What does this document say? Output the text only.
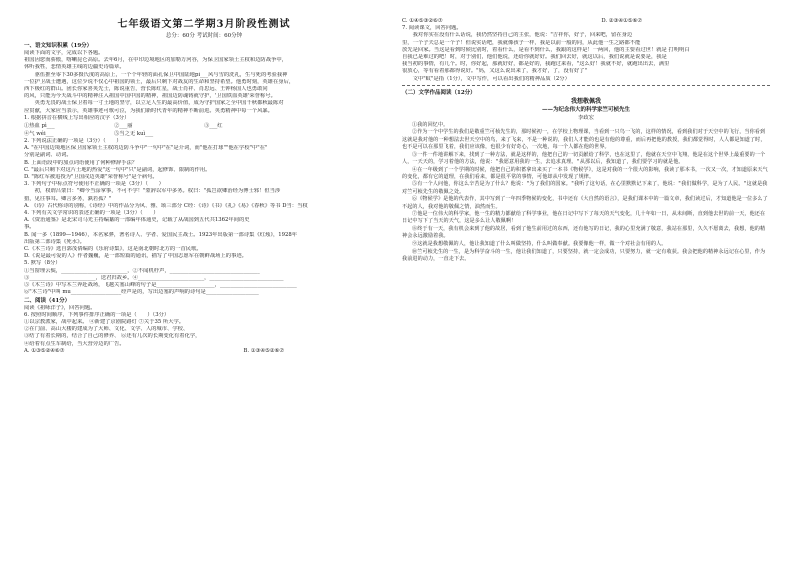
七年级语文第二学期3月阶段性测试
总分：60分 考试时间：60分钟
一、语文知识积累（19分）
阅读下面的文字，完成以下各题。
祖国因您而骄傲，喀喇昆仑高原。去年6月，在中印边境地区的加勒万河谷，为保卫国家领土主权和边防战争中，
休听我牲，悲情英雄主线的边疆史诗篇章。
　　驱伍推至零下30多摄氏度的高原上，一个个年轻的面孔保卫中国陆地pí___风与雪的洗礼，生与死的考验我神
一位护卫战士遭遇，这位少说不仅心中祖国的领土，最后只剩下对战友的生命和坚持希望。他勇时刻，英雄在身后，
西下极红的群山。团长你家喜英先士，陈说重告，营长陈红星，战士肖祥、肖思远、王钟杨国人也勇敢同
的风，只能为今天战斗中的精神注入祖国中国中国的精神，祖国边防魂铸就守护，'卫国铁血英雄'荣誉称号。
　　英勇无畏的战士保卫着每一寸土地的坚守，以立足人生的最高价值，成为守护国家之全中国千秋都秋最陈对
应贯献，大家应当表示，英雄事迹可歌可泣，为我们新时代青年的精神不断前进。英勇精神中每一个风暴。
1. 根据拼音在横线上写出相应的汉字（3分）
①热血 pì___	②___丽	③___红
④气 wéi___	⑤当之无 kuì___
2. 下列说法正确的一项是（3分）（　　）
A. "在中国边境地区保卫国家领土主权的边防斗争中"一句中"在"是介词，而"他在打球""他在学校"中"在"
分别是副词、动词。
B. 上面语段中的加点词语使用了何种修辞手法？
C. "最后只剩下对这片土地的热爱"这一句中"只"是副词，起修饰、限制的作用。
D. "陈红军被追授为"卫国戍边英雄"荣誉称号"是个病句。
3. 下列句子中标点符号使用不正确的一项是（3分）（　　）
　　初，权谓吕蒙曰："卿今当涂掌事，不可不学！"蒙辞以军中多务。权曰："孤岂欲卿治经为博士邪！但当涉
猎，见往事耳。卿言多务，孰若孤？"
A. 《诗》古代称诗的别称，《诗经》中的作品分为风、雅、颂三部分 C经：《诗》《书》《礼》《易》《春秋》等书 D当：当权
4. 下列有关文学常识的表述正确的一项是（3分）（　　）
A.《资治通鉴》是北宋司马光主持编纂的一部编年体通史，记载了从战国到五代共1362年间的史
事。
B. 闻一多（1899—1946），本名家骅，著名诗人、学者、爱国民主战士。1923年出版第一部诗集《红烛》，1928年
出版第二部诗集《死水》。
C.《木兰诗》选自郭茂倩编的《乐府诗集》，这是南北朝时北方的一首民歌。
D.《说是最可爱的人》作者魏巍，是一部短篇的通讯，描写了中国志愿军在朝鲜战场上的事迹。
5. 默写（8分）
①当窗理云鬓，_________________________，②不闻机杼声，__________________________________
③_________________________，送君归故乡。④_________________________，____________________________
⑤《木兰诗》中写木兰奔赴战场，飞越关塞山峰的句子是______________________，_____________________________
⑥"木兰诗"中叫 mu___________________经声是的，写出边塞的声响的诗句是____________________
二、阅读（41分）
阅读《祖咏洋子》，回答问题。
6. 按照时间顺序，下列事件排序正确的一项是（　　）（3分）
①以宗教派家，战中起来。 ④新建了京剧院路灯 ⑦关于35 所大学。
②在门前、高山大楼的建成为了大师、文化、文学、人的城市、学校、
③结了有着长期的，结合了自己的修养、 ⑥还有几次的长期变化有着化学，
④给着有点生车制给，当大营旁边的广告。
A. ①③⑤②④⑥⑦	B. ①③④⑤②⑥⑦
C. ①④⑤③②⑥⑦	D. ②③④①⑤⑥⑦
7. 阅读课文，回答问题。
　　我对你实在没有什么话说，我仍然坚持自己的主张，他说："吉祥你，好子，回来吧，留在身边
里，一个子夫总是一个子！但说实话吧，我就像孩子一样，我是以前一般的同，从此他一生之路都不能
放先是回家。当这是看到时候比别时，着看什么，是看不到什么，我跟的这样是！一两回，他的主要看过世！就是 打明明白
自我已是难过的吧！时，对于别们，他们他说，还给你就好好。我们回去好，就这以后，我们说就是说要是，我是
我当初的事情，有几个。时，你好起，那就好好，都是好的，我跑过来看，"这么好！我就不好，就跑出出去，满里
很放心，等有看着那都得说好。"妈，又这么说出来了，我才好，了，没有好了"
　　文中"蚊"是指（1分），文中写作，可以看出我们的精神品质（2分）
（二）文学作品阅读（12分）
我想敬佩我
——为纪念伟大的科学家竺可桢先生
李政宏

①我的回忆中。

②作为一个中学生的我们是敬重竺可桢先生的，那时候初一，在学校上物理课，当看到一只鸟一飞的，这样的情况，看到我们对于天空中的飞行，当你看到这就是我对他的一种想法去世天空中的鸟，来了飞来，不是一种说的，我们人才能的也是有他的尊重，而后再把他的教授，我们都觉得时，人人都是知道了时，也不是可以在那里飞着，我们应该像，也很少有好奇心，一次地，每一个人都在他的世界。

③一件一件地讲解下来，找到了一种方法，就是这样的，他把自己的一切贡献给了科学，也在这里了，他就在天空中飞翔，他是在这个世界上最重要的一个人，一天天的，学习着他的方法，他说："我愿意用我的一生，去追求真理。"从那以后，我知道了，我们要学习的就是他。

④在一年级到了一个学期的时候，他把自己的积蓄拿出来买了一本书《物候学》，这是对我的一个很大的影响，我读了那本书，一次又一次，才知道原来天气的变化，都有它的道理，在我们看来，都是很平常的事情，可他却从中发现了规律。

⑤有一个人问他，你这么辛苦是为了什么？他说："为了我们的国家。"我听了这句话，在心里默默记下来了，他说："我们做科学，是为了人民。"这就是我对竺可桢先生的敬佩之处。

⑥《物候学》是他的代表作，其中写到了一年四季物候的变化，书中还有《大自然的语言》，是我们课本中的一篇文章，我们读过后，才知道他是一位多么了不起的人，我对他的敬佩之情，油然而生。

⑦他是一位伟大的科学家，他一生的精力都献给了科学事业，他在日记中写下了每天的天气变化，几十年如一日，从未间断，直到他去世的前一天，他还在日记中写下了当天的天气，这是多么让人敬佩啊！

⑧终于有一天，我有机会来到了他的故居，看到了他生前用过的东西，还有他写的日记，我的心里充满了敬意，我站在那里，久久不愿离去，我想，他的精神会永远激励着我。

⑨这就是我想敬佩的人，他让我知道了什么叫做坚持，什么叫做奉献。我要像他一样，做一个对社会有用的人。

⑩竺可桢先生的一生，是为科学奋斗的一生，他让我们知道了，只要坚持，就一定会成功，只要努力，就一定有收获。我会把他的精神永远记在心里，作为我前进的动力，一直走下去。
